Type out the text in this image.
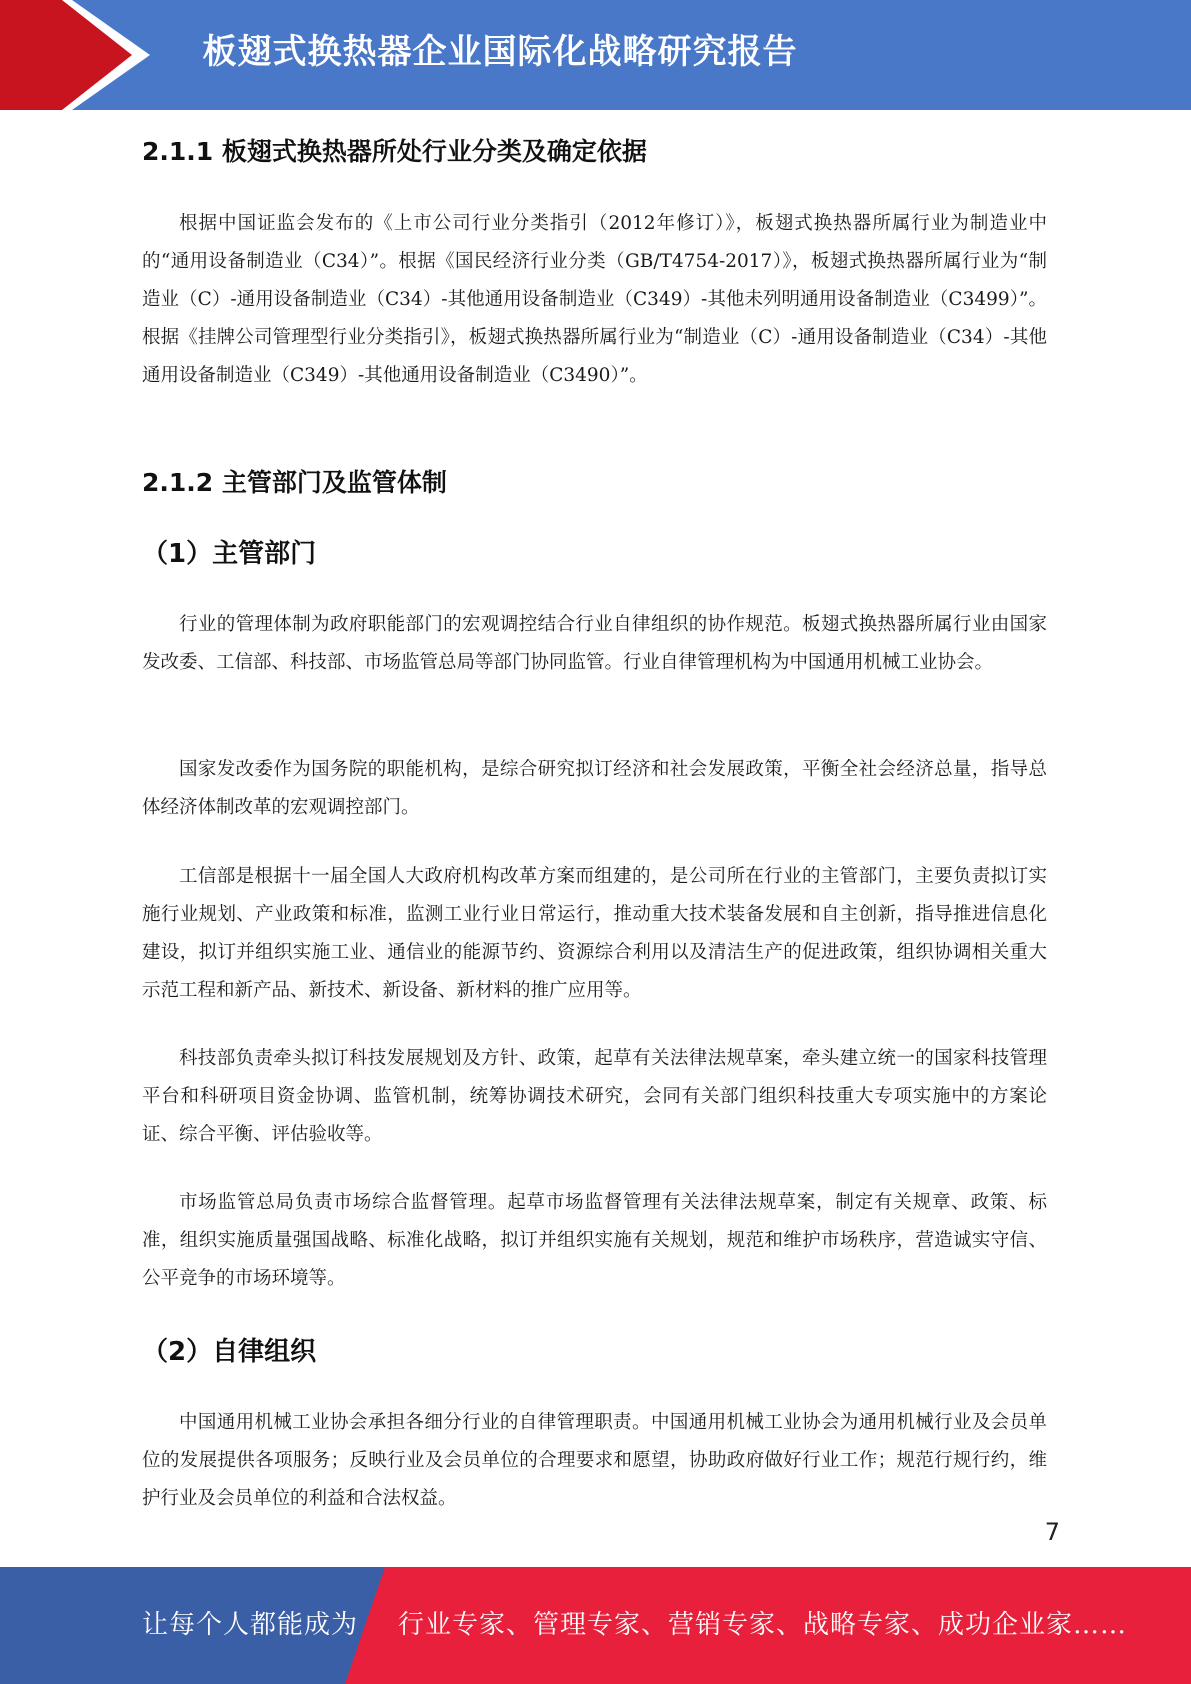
板翅式换热器企业国际化战略研究报告
2.1.1 板翅式换热器所处行业分类及确定依据

根据中国证监会发布的《上市公司行业分类指引（2012年修订）》，板翅式换热器所属行业为制造业中的“通用设备制造业（C34）”。根据《国民经济行业分类（GB/T4754-2017）》，板翅式换热器所属行业为“制造业（C）-通用设备制造业（C34）-其他通用设备制造业（C349）-其他未列明通用设备制造业（C3499）”。根据《挂牌公司管理型行业分类指引》，板翅式换热器所属行业为“制造业（C）-通用设备制造业（C34）-其他通用设备制造业（C349）-其他通用设备制造业（C3490）”。

2.1.2 主管部门及监管体制
（1）主管部门

行业的管理体制为政府职能部门的宏观调控结合行业自律组织的协作规范。板翅式换热器所属行业由国家发改委、工信部、科技部、市场监管总局等部门协同监管。行业自律管理机构为中国通用机械工业协会。

国家发改委作为国务院的职能机构，是综合研究拟订经济和社会发展政策，平衡全社会经济总量，指导总体经济体制改革的宏观调控部门。

工信部是根据十一届全国人大政府机构改革方案而组建的，是公司所在行业的主管部门，主要负责拟订实施行业规划、产业政策和标准，监测工业行业日常运行，推动重大技术装备发展和自主创新，指导推进信息化建设，拟订并组织实施工业、通信业的能源节约、资源综合利用以及清洁生产的促进政策，组织协调相关重大示范工程和新产品、新技术、新设备、新材料的推广应用等。

科技部负责牵头拟订科技发展规划及方针、政策，起草有关法律法规草案，牵头建立统一的国家科技管理平台和科研项目资金协调、监管机制，统筹协调技术研究，会同有关部门组织科技重大专项实施中的方案论证、综合平衡、评估验收等。

市场监管总局负责市场综合监督管理。起草市场监督管理有关法律法规草案，制定有关规章、政策、标准，组织实施质量强国战略、标准化战略，拟订并组织实施有关规划，规范和维护市场秩序，营造诚实守信、公平竞争的市场环境等。

（2）自律组织

中国通用机械工业协会承担各细分行业的自律管理职责。中国通用机械工业协会为通用机械行业及会员单位的发展提供各项服务；反映行业及会员单位的合理要求和愿望，协助政府做好行业工作；规范行规行约，维护行业及会员单位的利益和合法权益。

7
让每个人都能成为 行业专家、管理专家、营销专家、战略专家、成功企业家……
